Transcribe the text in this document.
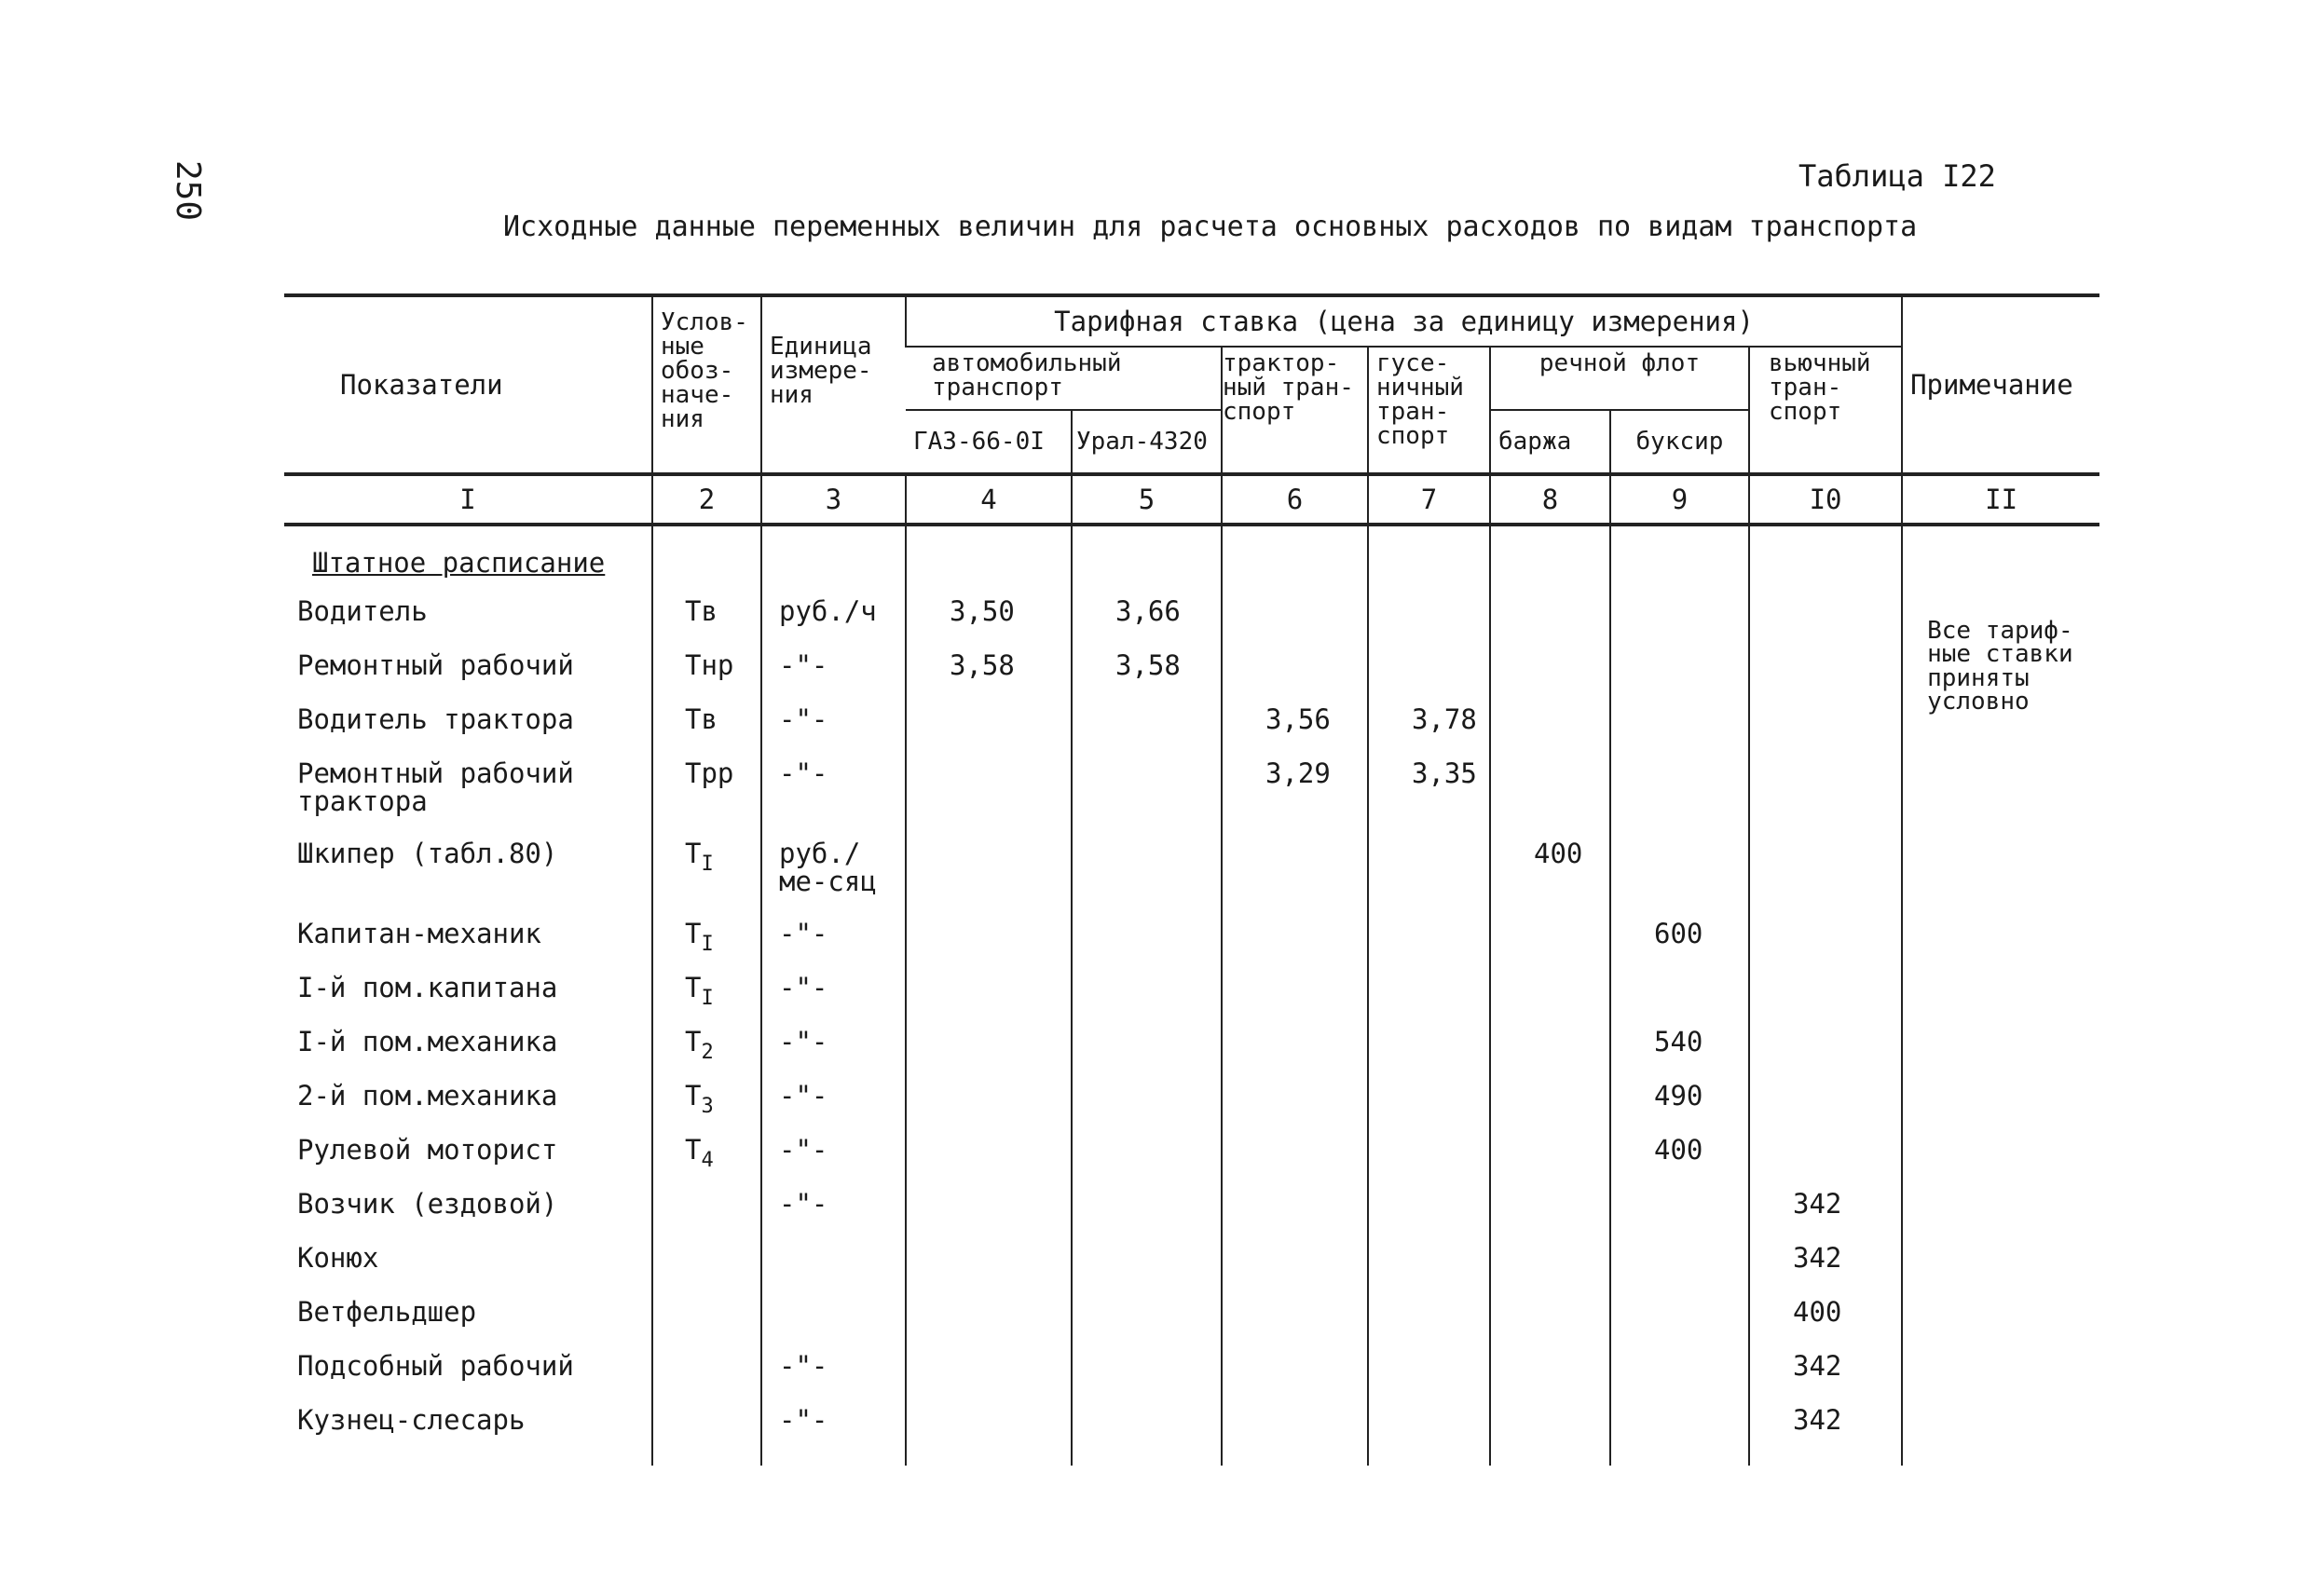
250	Таблица I22
Исходные данные переменных величин для расчета основных расходов по видам транспорта
Показатели	Услов-ные обоз-наче-ния	Единица измере-ния	Тарифная ставка (цена за единицу измерения)							Примечание
			автомобильный транспорт		трактор-ный тран-спорт	гусе-ничный тран-спорт	речной флот		вьючный тран-спорт	
			ГАЗ-66-0I	Урал-4320			баржа	буксир		
I	2	3	4	5	6	7	8	9	I0	II
Штатное расписание										Все тариф-ные ставки приняты условно
Водитель	Тв	руб./ч	3,50	3,66						
Ремонтный рабочий	Тнр	-"-	3,58	3,58						
Водитель трактора	Тв	-"-			3,56	3,78				
Ремонтный рабочий трактора	Трр	-"-			3,29	3,35				
Шкипер (табл.80)	$Т_I$	руб./ме-сяц					400			
Капитан-механик	$Т_I$	-"-						600		
I-й пом.капитана	$Т_I$	-"-								
I-й пом.механика	$Т_2$	-"-						540		
2-й пом.механика	$Т_3$	-"-						490		
Рулевой моторист	$Т_4$	-"-						400		
Возчик (ездовой)		-"-							342	
Конюх									342	
Ветфельдшер									400	
Подсобный рабочий		-"-							342	
Кузнец-слесарь		-"-							342	
